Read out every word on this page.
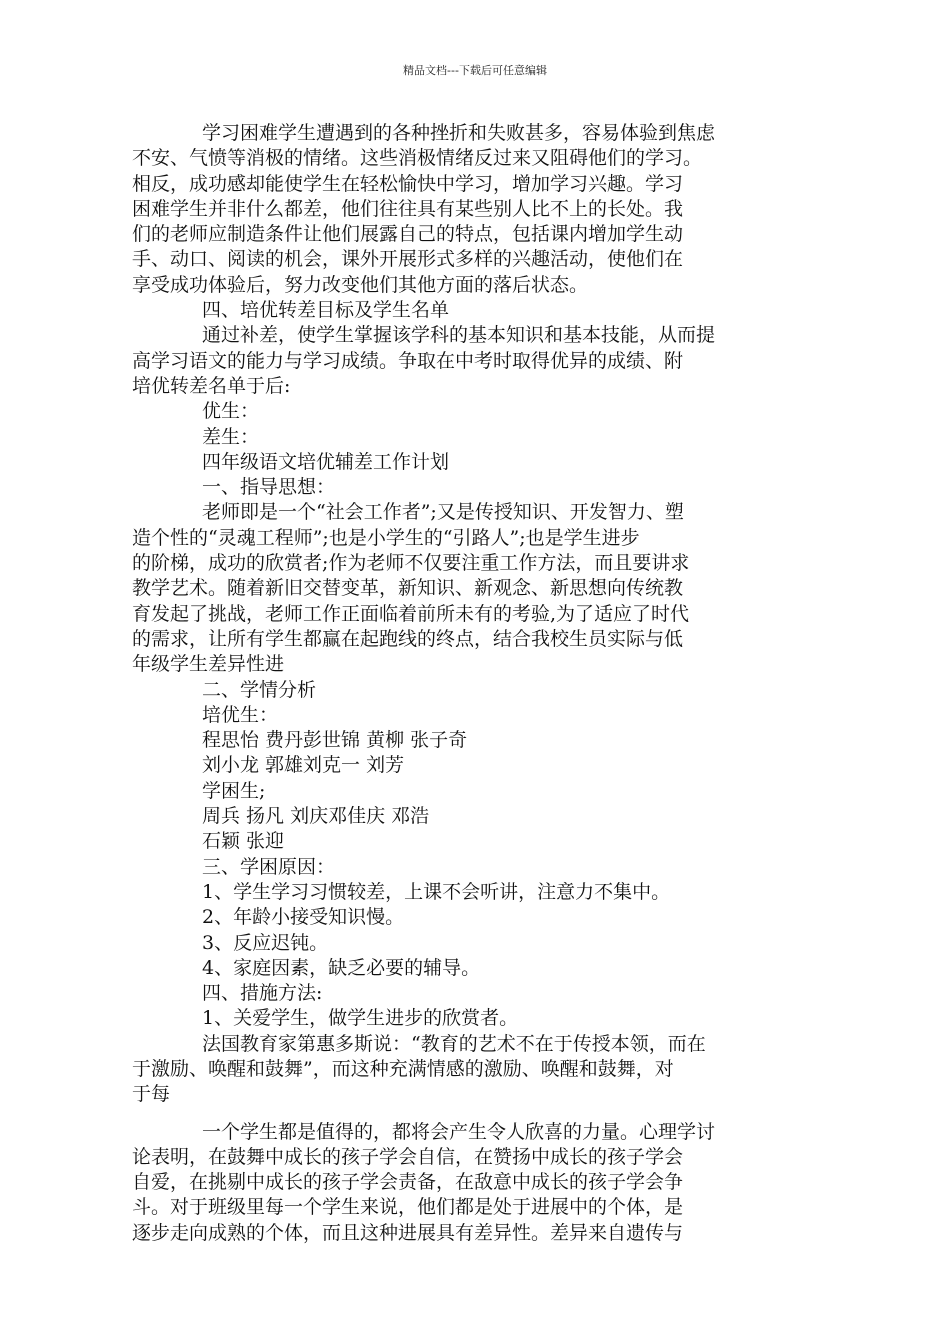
精品文档---下载后可任意编辑
学习困难学生遭遇到的各种挫折和失败甚多，容易体验到焦虑
不安、气愤等消极的情绪。这些消极情绪反过来又阻碍他们的学习。
相反，成功感却能使学生在轻松愉快中学习，增加学习兴趣。学习
困难学生并非什么都差，他们往往具有某些别人比不上的长处。我
们的老师应制造条件让他们展露自己的特点，包括课内增加学生动
手、动口、阅读的机会，课外开展形式多样的兴趣活动，使他们在
享受成功体验后，努力改变他们其他方面的落后状态。
四、培优转差目标及学生名单
通过补差，使学生掌握该学科的基本知识和基本技能，从而提
高学习语文的能力与学习成绩。争取在中考时取得优异的成绩、附
培优转差名单于后:
优生：
差生：
四年级语文培优辅差工作计划
一、指导思想：
老师即是一个“社会工作者”;又是传授知识、开发智力、塑
造个性的“灵魂工程师”;也是小学生的“引路人”;也是学生进步
的阶梯，成功的欣赏者;作为老师不仅要注重工作方法，而且要讲求
教学艺术。随着新旧交替变革，新知识、新观念、新思想向传统教
育发起了挑战，老师工作正面临着前所未有的考验,为了适应了时代
的需求，让所有学生都赢在起跑线的终点，结合我校生员实际与低
年级学生差异性进
二、学情分析
培优生：
程思怡 费丹彭世锦 黄柳 张子奇
刘小龙 郭雄刘克一 刘芳
学困生;
周兵 扬凡 刘庆邓佳庆 邓浩
石颖 张迎
三、学困原因：
1、学生学习习惯较差，上课不会听讲，注意力不集中。
2、年龄小接受知识慢。
3、反应迟钝。
4、家庭因素，缺乏必要的辅导。
四、措施方法:
1、关爱学生，做学生进步的欣赏者。
法国教育家第惠多斯说：“教育的艺术不在于传授本领，而在
于激励、唤醒和鼓舞”，而这种充满情感的激励、唤醒和鼓舞，对
于每
一个学生都是值得的，都将会产生令人欣喜的力量。心理学讨
论表明，在鼓舞中成长的孩子学会自信，在赞扬中成长的孩子学会
自爱，在挑剔中成长的孩子学会责备，在敌意中成长的孩子学会争
斗。对于班级里每一个学生来说，他们都是处于进展中的个体，是
逐步走向成熟的个体，而且这种进展具有差异性。差异来自遗传与
